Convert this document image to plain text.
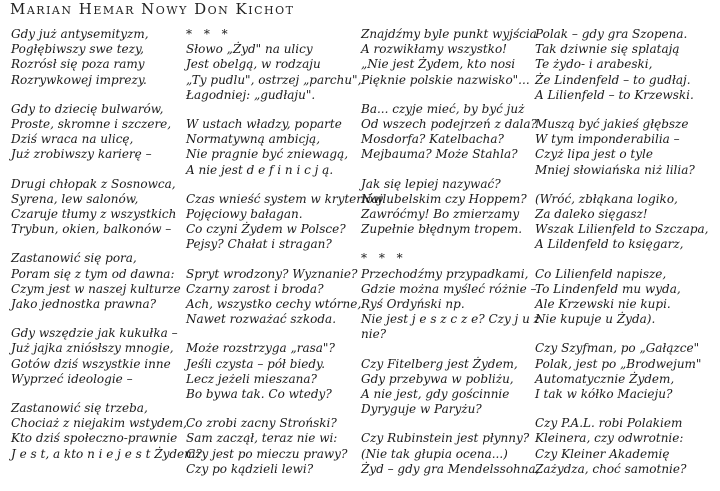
Marian Hemar Nowy Don Kichot
Gdy już antysemityzm,
Pogłębiwszy swe tezy,
Rozrósł się poza ramy
Rozrywkowej imprezy.
Gdy to dziecię bulwarów,
Proste, skromne i szczere,
Dziś wraca na ulicę,
Już zrobiwszy karierę –
Drugi chłopak z Sosnowca,
Syrena, lew salonów,
Czaruje tłumy z wszystkich
Trybun, okien, balkonów –
Zastanowić się pora,
Poram się z tym od dawna:
Czym jest w naszej kulturze
Jako jednostka prawna?
Gdy wszędzie jak kukułka –
Już jajka zniósłszy mnogie,
Gotów dziś wszystkie inne
Wyprzeć ideologie –
Zastanowić się trzeba,
Chociaż z niejakim wstydem,
Kto dziś społeczno-prawnie
J e s t, a kto n i e j e s t Żydem?
* * *
Słowo „Żyd" na ulicy
Jest obelgą, w rodzaju
„Ty pudlu", ostrzej „parchu",
Łagodniej: „gudłaju".
W ustach władzy, poparte
Normatywną ambicją,
Nie pragnie być zniewagą,
A nie jest d e f i n i c j ą.
Czas wnieść system w kryteriów
Pojęciowy bałagan.
Co czyni Żydem w Polsce?
Pejsy? Chałat i stragan?
Spryt wrodzony? Wyznanie?
Czarny zarost i broda?
Ach, wszystko cechy wtórne,
Nawet rozważać szkoda.
Może rozstrzyga „rasa"?
Jeśli czysta – pół biedy.
Lecz jeżeli mieszana?
Bo bywa tak. Co wtedy?
Co zrobi zacny Stroński?
Sam zaczął, teraz nie wi:
Czy jest po mieczu prawy?
Czy po kądzieli lewi?
Znajdźmy byle punkt wyjścia
A rozwikłamy wszystko!
„Nie jest Żydem, kto nosi
Pięknie polskie nazwisko"...
Ba... czyje mieć, by być już
Od wszech podejrzeń z dala?
Mosdorfa? Katelbacha?
Mejbauma? Może Stahla?
Jak się lepiej nazywać?
Najlubelskim czy Hoppem?
Zawróćmy! Bo zmierzamy
Zupełnie błędnym tropem.
* * *
Przechodźmy przypadkami,
Gdzie można myśleć różnie –
Ryś Ordyński np.
Nie jest j e s z c z e? Czy j u ż
nie?
Czy Fitelberg jest Żydem,
Gdy przebywa w pobliżu,
A nie jest, gdy gościnnie
Dyryguje w Paryżu?
Czy Rubinstein jest płynny?
(Nie tak głupia ocena...)
Żyd – gdy gra Mendelssohna,
Polak – gdy gra Szopena.
Tak dziwnie się splatają
Te żydo- i arabeski,
Że Lindenfeld – to gudłaj.
A Lilienfeld – to Krzewski.
Muszą być jakieś głębsze
W tym imponderabilia –
Czyż lipa jest o tyle
Mniej słowiańska niż lilia?
(Wróć, zbłąkana logiko,
Za daleko sięgasz!
Wszak Lilienfeld to Szczapa,
A Lildenfeld to księgarz,
Co Lilienfeld napisze,
To Lindenfeld mu wyda,
Ale Krzewski nie kupi.
Nie kupuje u Żyda).
Czy Szyfman, po „Gałązce"
Polak, jest po „Brodwejum"
Automatycznie Żydem,
I tak w kółko Macieju?
Czy P.A.L. robi Polakiem
Kleinera, czy odwrotnie:
Czy Kleiner Akademię
Zażydza, choć samotnie?
